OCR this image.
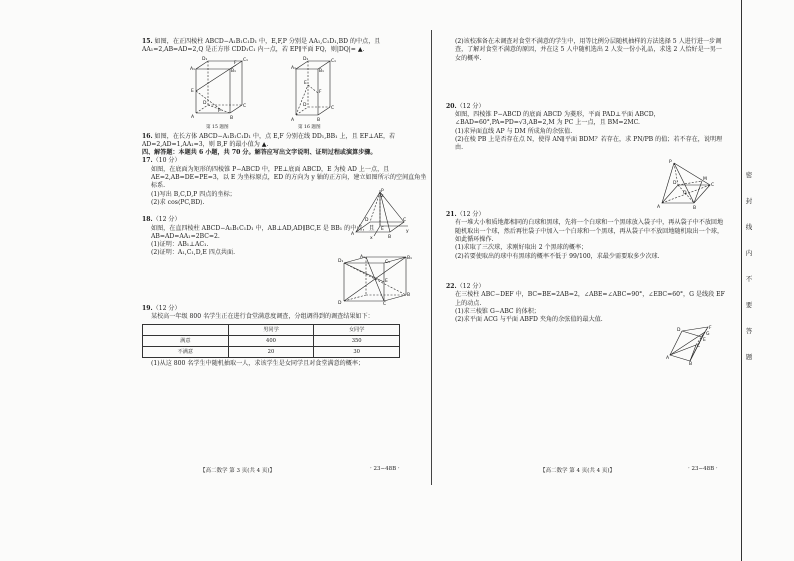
15. 如图，在正四棱柱 ABCD−A₁B₁C₁D₁ 中，E,F,P 分别是 AA₁,C₁D₁,BD 的中点，且 AA₁=2,AB=AD=2,Q 是正方形 CDD₁C₁ 内一点，若 EP∥平面 FQ，则|DQ|= ▲.

D₁	C₁
A₁	B₁
D
C
A	B
E
F
P
第 15 题图
D₁	C₁
A₁
B₁
D
C
A	B
E
F
第 16 题图

16. 如图，在长方体 ABCD−A₁B₁C₁D₁ 中，点 E,F 分别在线 DD₁,BB₁ 上，且 EF⊥AE，若 AD=2,AD=1,AA₁=3，则 B,F 的最小值为 ▲.

四、解答题：本题共 6 小题，共 70 分。解答应写出文字说明、证明过程或演算步骤。

17.（10 分）

如图，在底面为矩形的四棱锥 P−ABCD 中，PE⊥底面 ABCD，E 为棱 AD 上一点，且 AE=2,AB=DE=PE=3，以 E 为坐标原点，ED 的方向为 y 轴的正方向，建立如图所示的空间直角坐标系.

(1)写出 B,C,D,P 四点的坐标；

(2)求 cos⟨PC,BD⟩.

P
A
B
C
D
E	y
x
z

18.（12 分）

如图，在直四棱柱 ABCD−A₁B₁C₁D₁ 中，AB⊥AD,AD∥BC,E 是 BB₁ 的中点，且 AB=AD=AA₁=2BC=2.

(1)证明：AB₁⊥AC₁.

(2)证明：A₁,C₁,D,E 四点共面.

D₁	C₁
A₁	B₁
D	C
B
E

19.（12 分）

某校高一年级 800 名学生正在进行食堂满意度调查，分组调得到的调查结果如下：

	男同学	女同学
满意	400	350
不满意	20	30

(1)从这 800 名学生中随机抽取一人，求该学生是女同学且对食堂满意的概率；

(2)该校准备在未调查对食堂不满意的学生中，用等比例分层随机抽样的方法选择 5 人进行进一步调查，了解对食堂不满意的原因，并在这 5 人中随机选出 2 人发一份小礼品，求选 2 人恰好是一男一女的概率.

20.（12 分）

如图，四棱锥 P−ABCD 的底面 ABCD 为菱形，平面 PAD⊥平面 ABCD，∠BAD=60°,PA=PD=√3,AB=2,M 为 PC 上一点，且 BM=2MC.

(1)求异面直线 AP 与 DM 所成角的余弦值.

(2)在棱 PB 上是否存在点 N，使得 AN∥平面 BDM？若存在，求 PN/PB 的值；若不存在，说明理由.

P
A	B
C
D
M
O

21.（12 分）

有一堆大小和质地都相同的白球和黑球，先将一个白球和一个黑球放入袋子中，再从袋子中不放回地随机取出一个球，然后再往袋子中加入一个白球和一个黑球，再从袋子中不放回地随机取出一个球，如此循环操作.

(1)求取了三次球，求刚好取出 2 个黑球的概率；

(2)若要使取出的球中有黑球的概率不低于 99/100，求最少需要取多少次球.

22.（12 分）

在三棱柱 ABC−DEF 中，BC=BE=2AB=2，∠ABE=∠ABC=90°，∠EBC=60°，G 是线段 EF 上的动点.

(1)求三棱锥 G−ABC 的体积；

(2)求平面 ACG 与平面 ABFD 夹角的余弦值的最大值.

A
B
C
D
E
F
G
【高二数学 第 3 页(共 4 页)】	· 23−48B ·	【高二数学 第 4 页(共 4 页)】	· 23−48B ·
密
封
线
内
不
要
答
题
